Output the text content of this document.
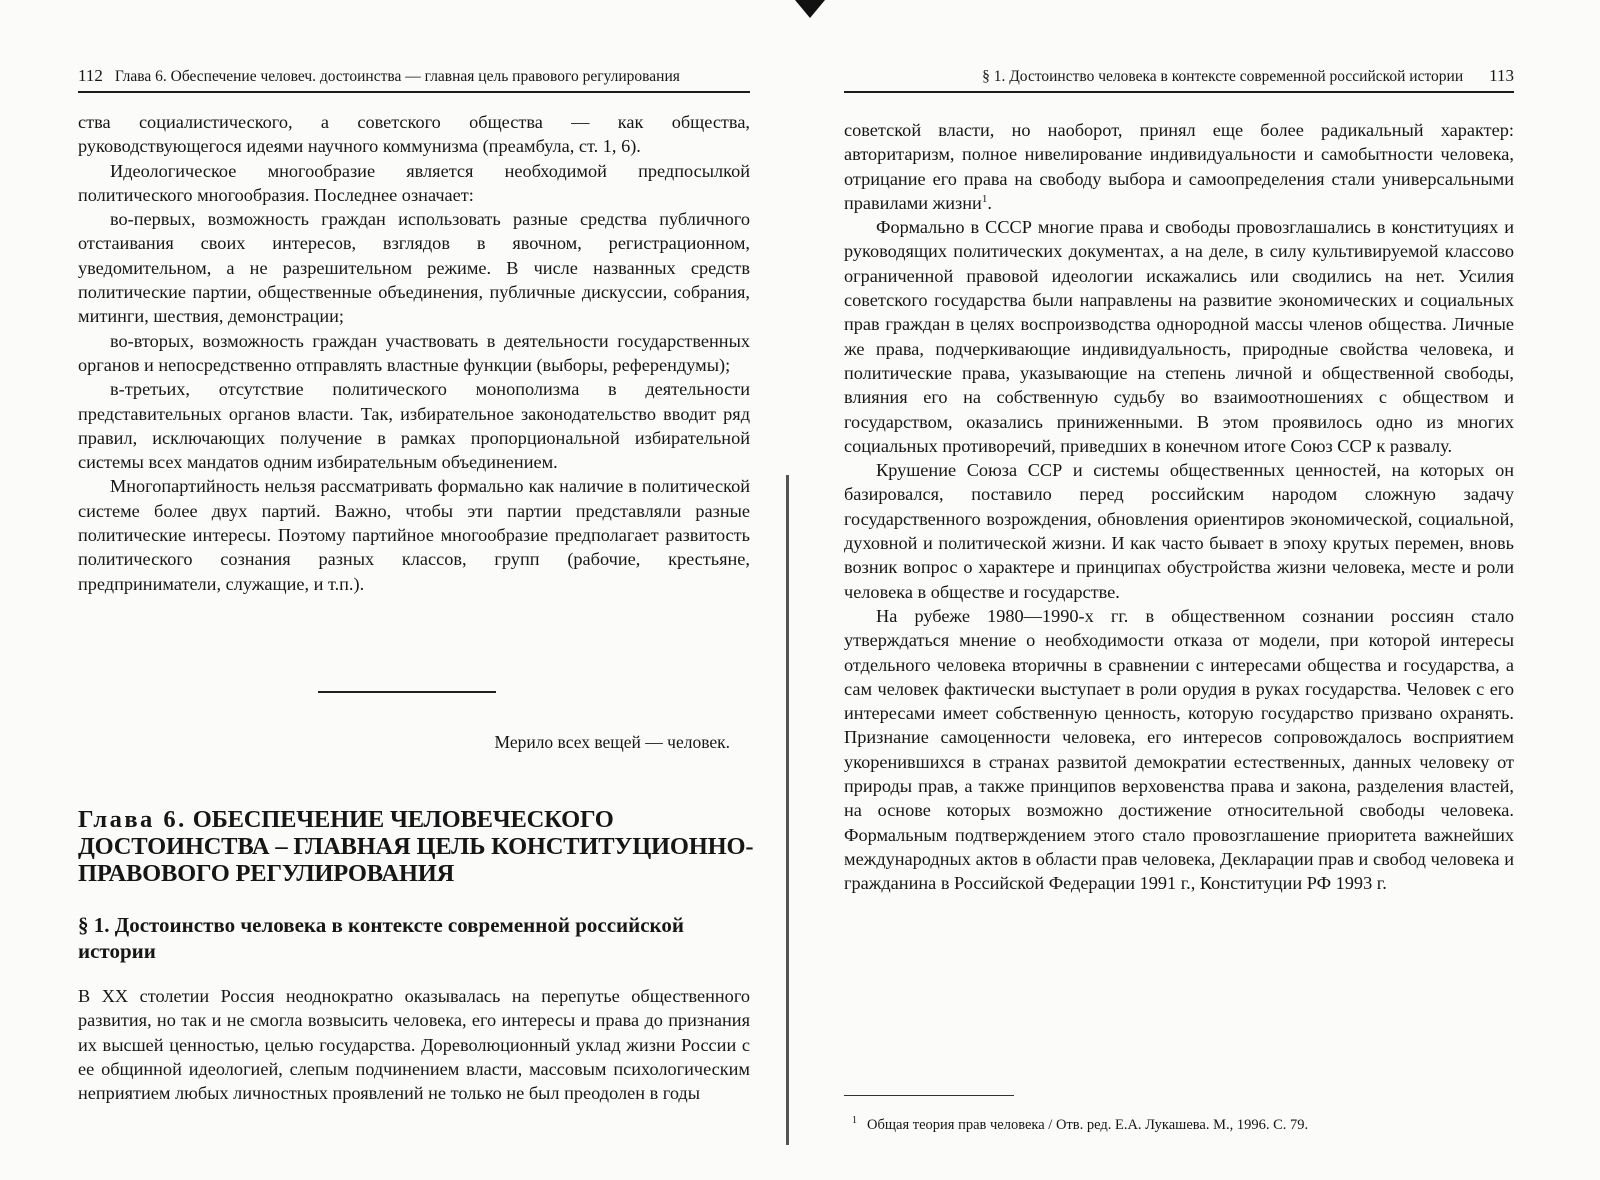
112 Глава 6. Обеспечение человеч. достоинства — главная цель правового регулирования

ства социалистического, а советского общества — как общества, руководствующегося идеями научного коммунизма (преамбула, ст. 1, 6).

Идеологическое многообразие является необходимой предпосылкой политического многообразия. Последнее означает:

во-первых, возможность граждан использовать разные средства публичного отстаивания своих интересов, взглядов в явочном, регистрационном, уведомительном, а не разрешительном режиме. В числе названных средств политические партии, общественные объединения, публичные дискуссии, собрания, митинги, шествия, демонстрации;

во-вторых, возможность граждан участвовать в деятельности государственных органов и непосредственно отправлять властные функции (выборы, референдумы);

в-третьих, отсутствие политического монополизма в деятельности представительных органов власти. Так, избирательное законодательство вводит ряд правил, исключающих получение в рамках пропорциональной избирательной системы всех мандатов одним избирательным объединением.

Многопартийность нельзя рассматривать формально как наличие в политической системе более двух партий. Важно, чтобы эти партии представляли разные политические интересы. Поэтому партийное многообразие предполагает развитость политического сознания разных классов, групп (рабочие, крестьяне, предприниматели, служащие, и т.п.).

Мерило всех вещей — человек.
Глава 6. ОБЕСПЕЧЕНИЕ ЧЕЛОВЕЧЕСКОГО ДОСТОИНСТВА – ГЛАВНАЯ ЦЕЛЬ КОНСТИТУЦИОННО-ПРАВОВОГО РЕГУЛИРОВАНИЯ
§ 1. Достоинство человека в контексте современной российской истории

В XX столетии Россия неоднократно оказывалась на перепутье общественного развития, но так и не смогла возвысить человека, его интересы и права до признания их высшей ценностью, целью государства. Дореволюционный уклад жизни России с ее общинной идеологией, слепым подчинением власти, массовым психологическим неприятием любых личностных проявлений не только не был преодолен в годы

§ 1. Достоинство человека в контексте современной российской истории 113

советской власти, но наоборот, принял еще более радикальный характер: авторитаризм, полное нивелирование индивидуальности и самобытности человека, отрицание его права на свободу выбора и самоопределения стали универсальными правилами жизни$^1$.

Формально в СССР многие права и свободы провозглашались в конституциях и руководящих политических документах, а на деле, в силу культивируемой классово ограниченной правовой идеологии искажались или сводились на нет. Усилия советского государства были направлены на развитие экономических и социальных прав граждан в целях воспроизводства однородной массы членов общества. Личные же права, подчеркивающие индивидуальность, природные свойства человека, и политические права, указывающие на степень личной и общественной свободы, влияния его на собственную судьбу во взаимоотношениях с обществом и государством, оказались приниженными. В этом проявилось одно из многих социальных противоречий, приведших в конечном итоге Союз ССР к развалу.

Крушение Союза ССР и системы общественных ценностей, на которых он базировался, поставило перед российским народом сложную задачу государственного возрождения, обновления ориентиров экономической, социальной, духовной и политической жизни. И как часто бывает в эпоху крутых перемен, вновь возник вопрос о характере и принципах обустройства жизни человека, месте и роли человека в обществе и государстве.

На рубеже 1980—1990-х гг. в общественном сознании россиян стало утверждаться мнение о необходимости отказа от модели, при которой интересы отдельного человека вторичны в сравнении с интересами общества и государства, а сам человек фактически выступает в роли орудия в руках государства. Человек с его интересами имеет собственную ценность, которую государство призвано охранять. Признание самоценности человека, его интересов сопровождалось восприятием укоренившихся в странах развитой демократии естественных, данных человеку от природы прав, а также принципов верховенства права и закона, разделения властей, на основе которых возможно достижение относительной свободы человека. Формальным подтверждением этого стало провозглашение приоритета важнейших международных актов в области прав человека, Декларации прав и свобод человека и гражданина в Российской Федерации 1991 г., Конституции РФ 1993 г.

$^1$ Общая теория прав человека / Отв. ред. Е.А. Лукашева. М., 1996. С. 79.
